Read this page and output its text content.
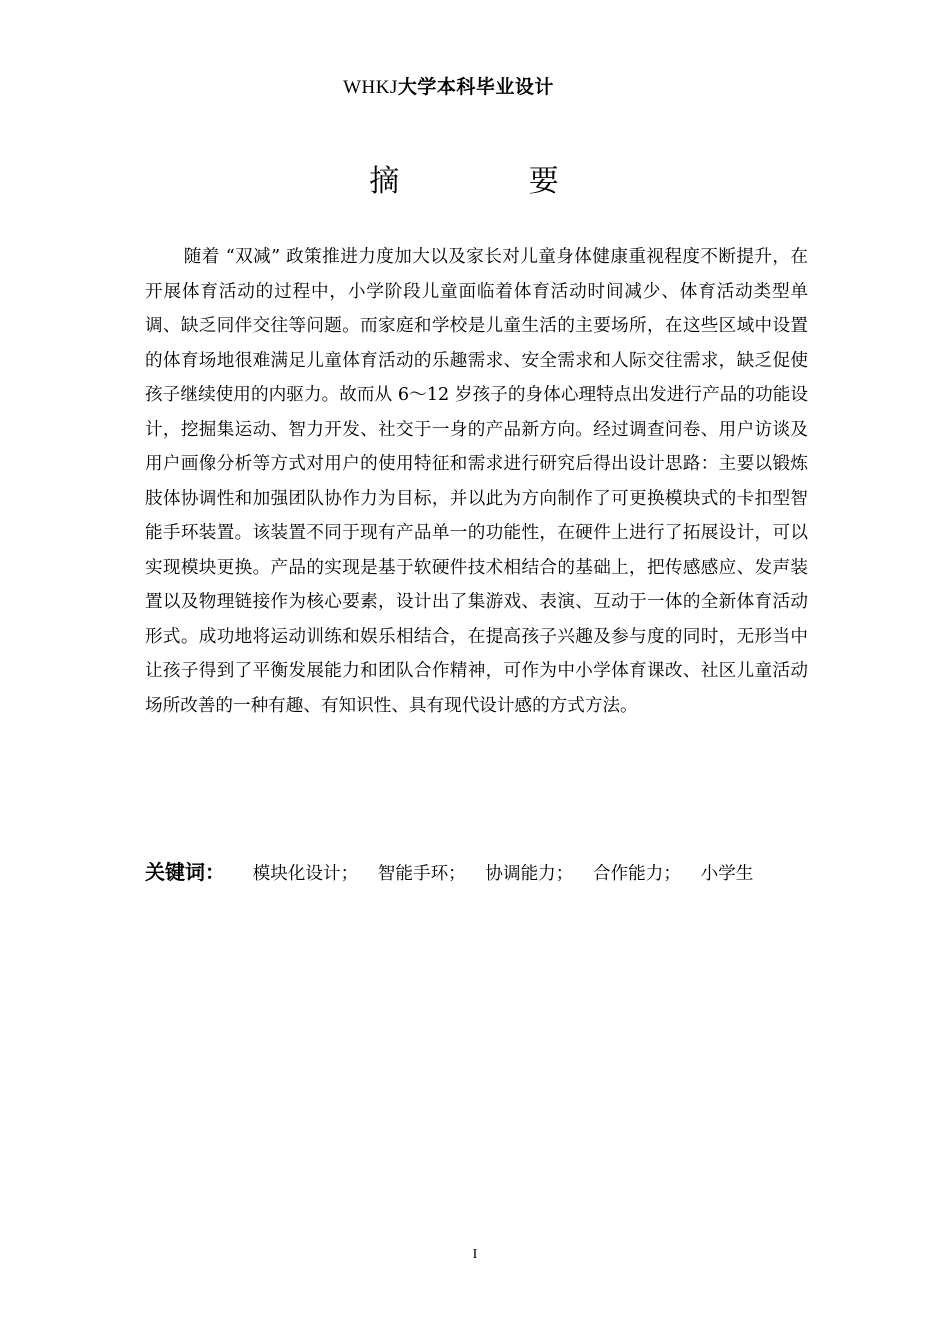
WHKJ大学本科毕业设计
摘 要

随着 “双减” 政策推进力度加大以及家长对儿童身体健康重视程度不断提升，在开展体育活动的过程中，小学阶段儿童面临着体育活动时间减少、体育活动类型单调、缺乏同伴交往等问题。而家庭和学校是儿童生活的主要场所，在这些区域中设置的体育场地很难满足儿童体育活动的乐趣需求、安全需求和人际交往需求，缺乏促使孩子继续使用的内驱力。故而从 6～12 岁孩子的身体心理特点出发进行产品的功能设计，挖掘集运动、智力开发、社交于一身的产品新方向。经过调查问卷、用户访谈及用户画像分析等方式对用户的使用特征和需求进行研究后得出设计思路：主要以锻炼肢体协调性和加强团队协作力为目标，并以此为方向制作了可更换模块式的卡扣型智能手环装置。该装置不同于现有产品单一的功能性，在硬件上进行了拓展设计，可以实现模块更换。产品的实现是基于软硬件技术相结合的基础上，把传感感应、发声装置以及物理链接作为核心要素，设计出了集游戏、表演、互动于一体的全新体育活动形式。成功地将运动训练和娱乐相结合，在提高孩子兴趣及参与度的同时，无形当中让孩子得到了平衡发展能力和团队合作精神，可作为中小学体育课改、社区儿童活动场所改善的一种有趣、有知识性、具有现代设计感的方式方法。

关键词： 模块化设计； 智能手环； 协调能力； 合作能力； 小学生
I
